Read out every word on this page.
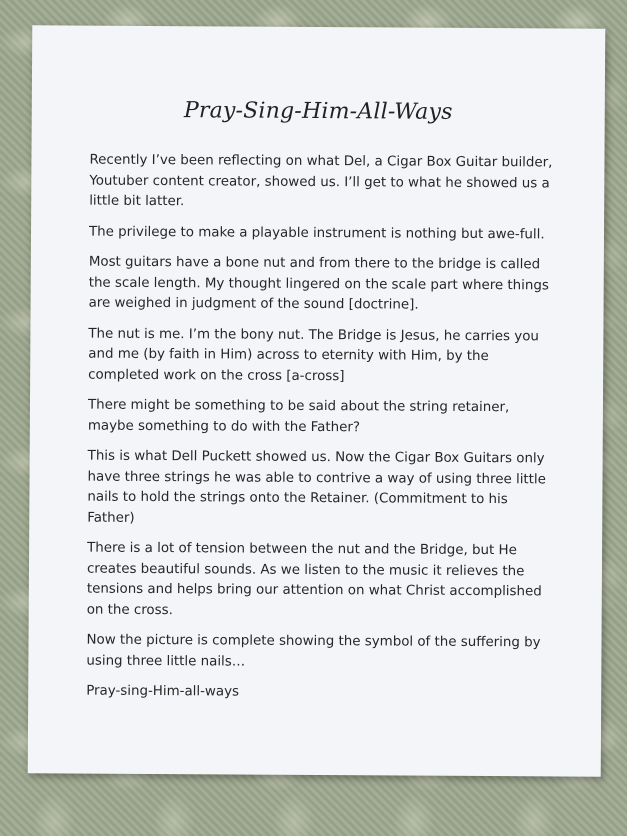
Pray-Sing-Him-All-Ways

Recently I’ve been reflecting on what Del, a Cigar Box Guitar builder, Youtuber content creator, showed us. I’ll get to what he showed us a little bit latter.

The privilege to make a playable instrument is nothing but awe-full.

Most guitars have a bone nut and from there to the bridge is called the scale length. My thought lingered on the scale part where things are weighed in judgment of the sound [doctrine].

The nut is me. I’m the bony nut. The Bridge is Jesus, he carries you and me (by faith in Him) across to eternity with Him, by the completed work on the cross [a-cross]

There might be something to be said about the string retainer, maybe something to do with the Father?

This is what Dell Puckett showed us. Now the Cigar Box Guitars only have three strings he was able to contrive a way of using three little nails to hold the strings onto the Retainer. (Commitment to his Father)

There is a lot of tension between the nut and the Bridge, but He creates beautiful sounds. As we listen to the music it relieves the tensions and helps bring our attention on what Christ accomplished on the cross.

Now the picture is complete showing the symbol of the suffering by using three little nails…

Pray-sing-Him-all-ways
